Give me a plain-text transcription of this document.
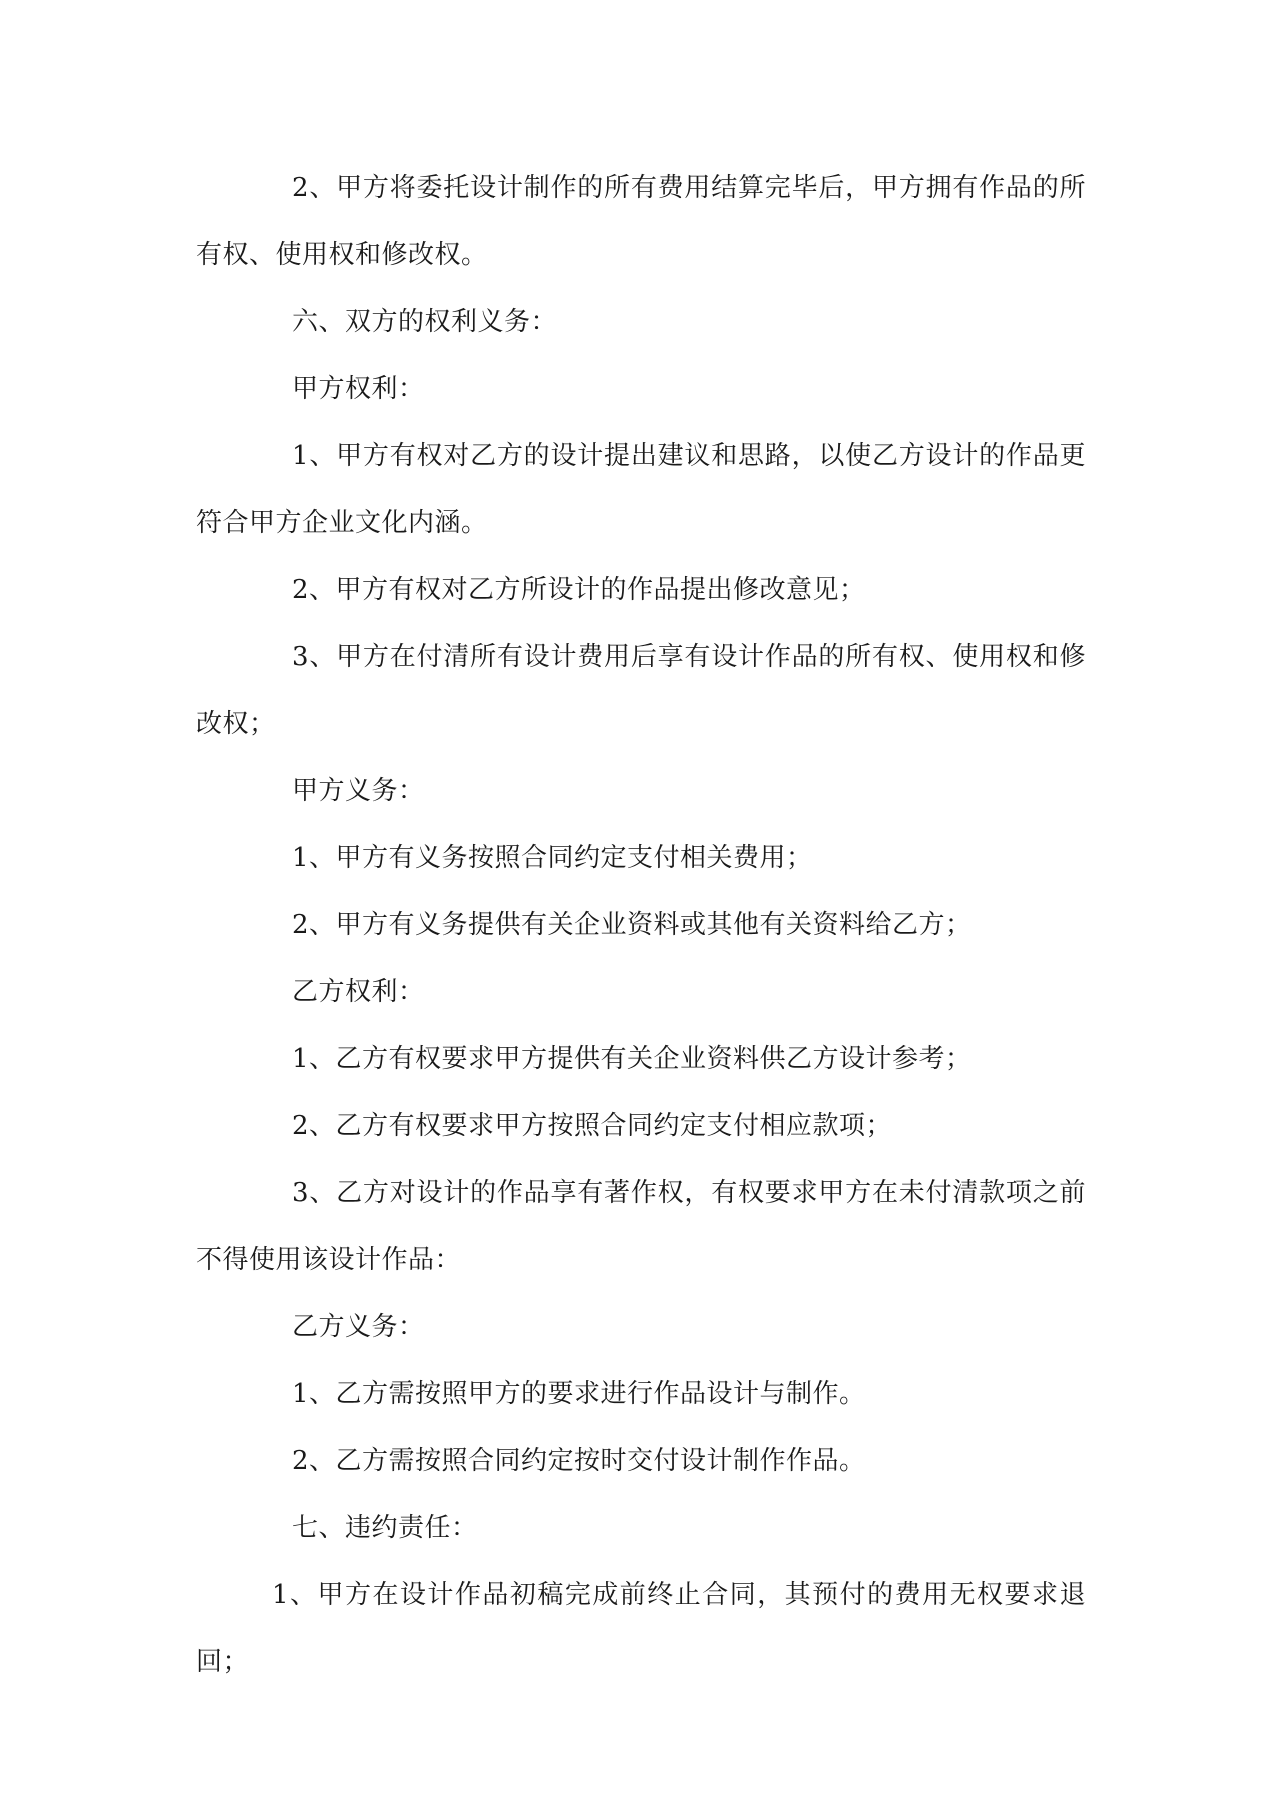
2、甲方将委托设计制作的所有费用结算完毕后，甲方拥有作品的所有权、使用权和修改权。

六、双方的权利义务：

甲方权利：

1、甲方有权对乙方的设计提出建议和思路，以使乙方设计的作品更符合甲方企业文化内涵。

2、甲方有权对乙方所设计的作品提出修改意见；

3、甲方在付清所有设计费用后享有设计作品的所有权、使用权和修改权；

甲方义务：

1、甲方有义务按照合同约定支付相关费用；

2、甲方有义务提供有关企业资料或其他有关资料给乙方；

乙方权利：

1、乙方有权要求甲方提供有关企业资料供乙方设计参考；

2、乙方有权要求甲方按照合同约定支付相应款项；

3、乙方对设计的作品享有著作权，有权要求甲方在未付清款项之前不得使用该设计作品：

乙方义务：

1、乙方需按照甲方的要求进行作品设计与制作。

2、乙方需按照合同约定按时交付设计制作作品。

七、违约责任：

1、甲方在设计作品初稿完成前终止合同，其预付的费用无权要求退回；
